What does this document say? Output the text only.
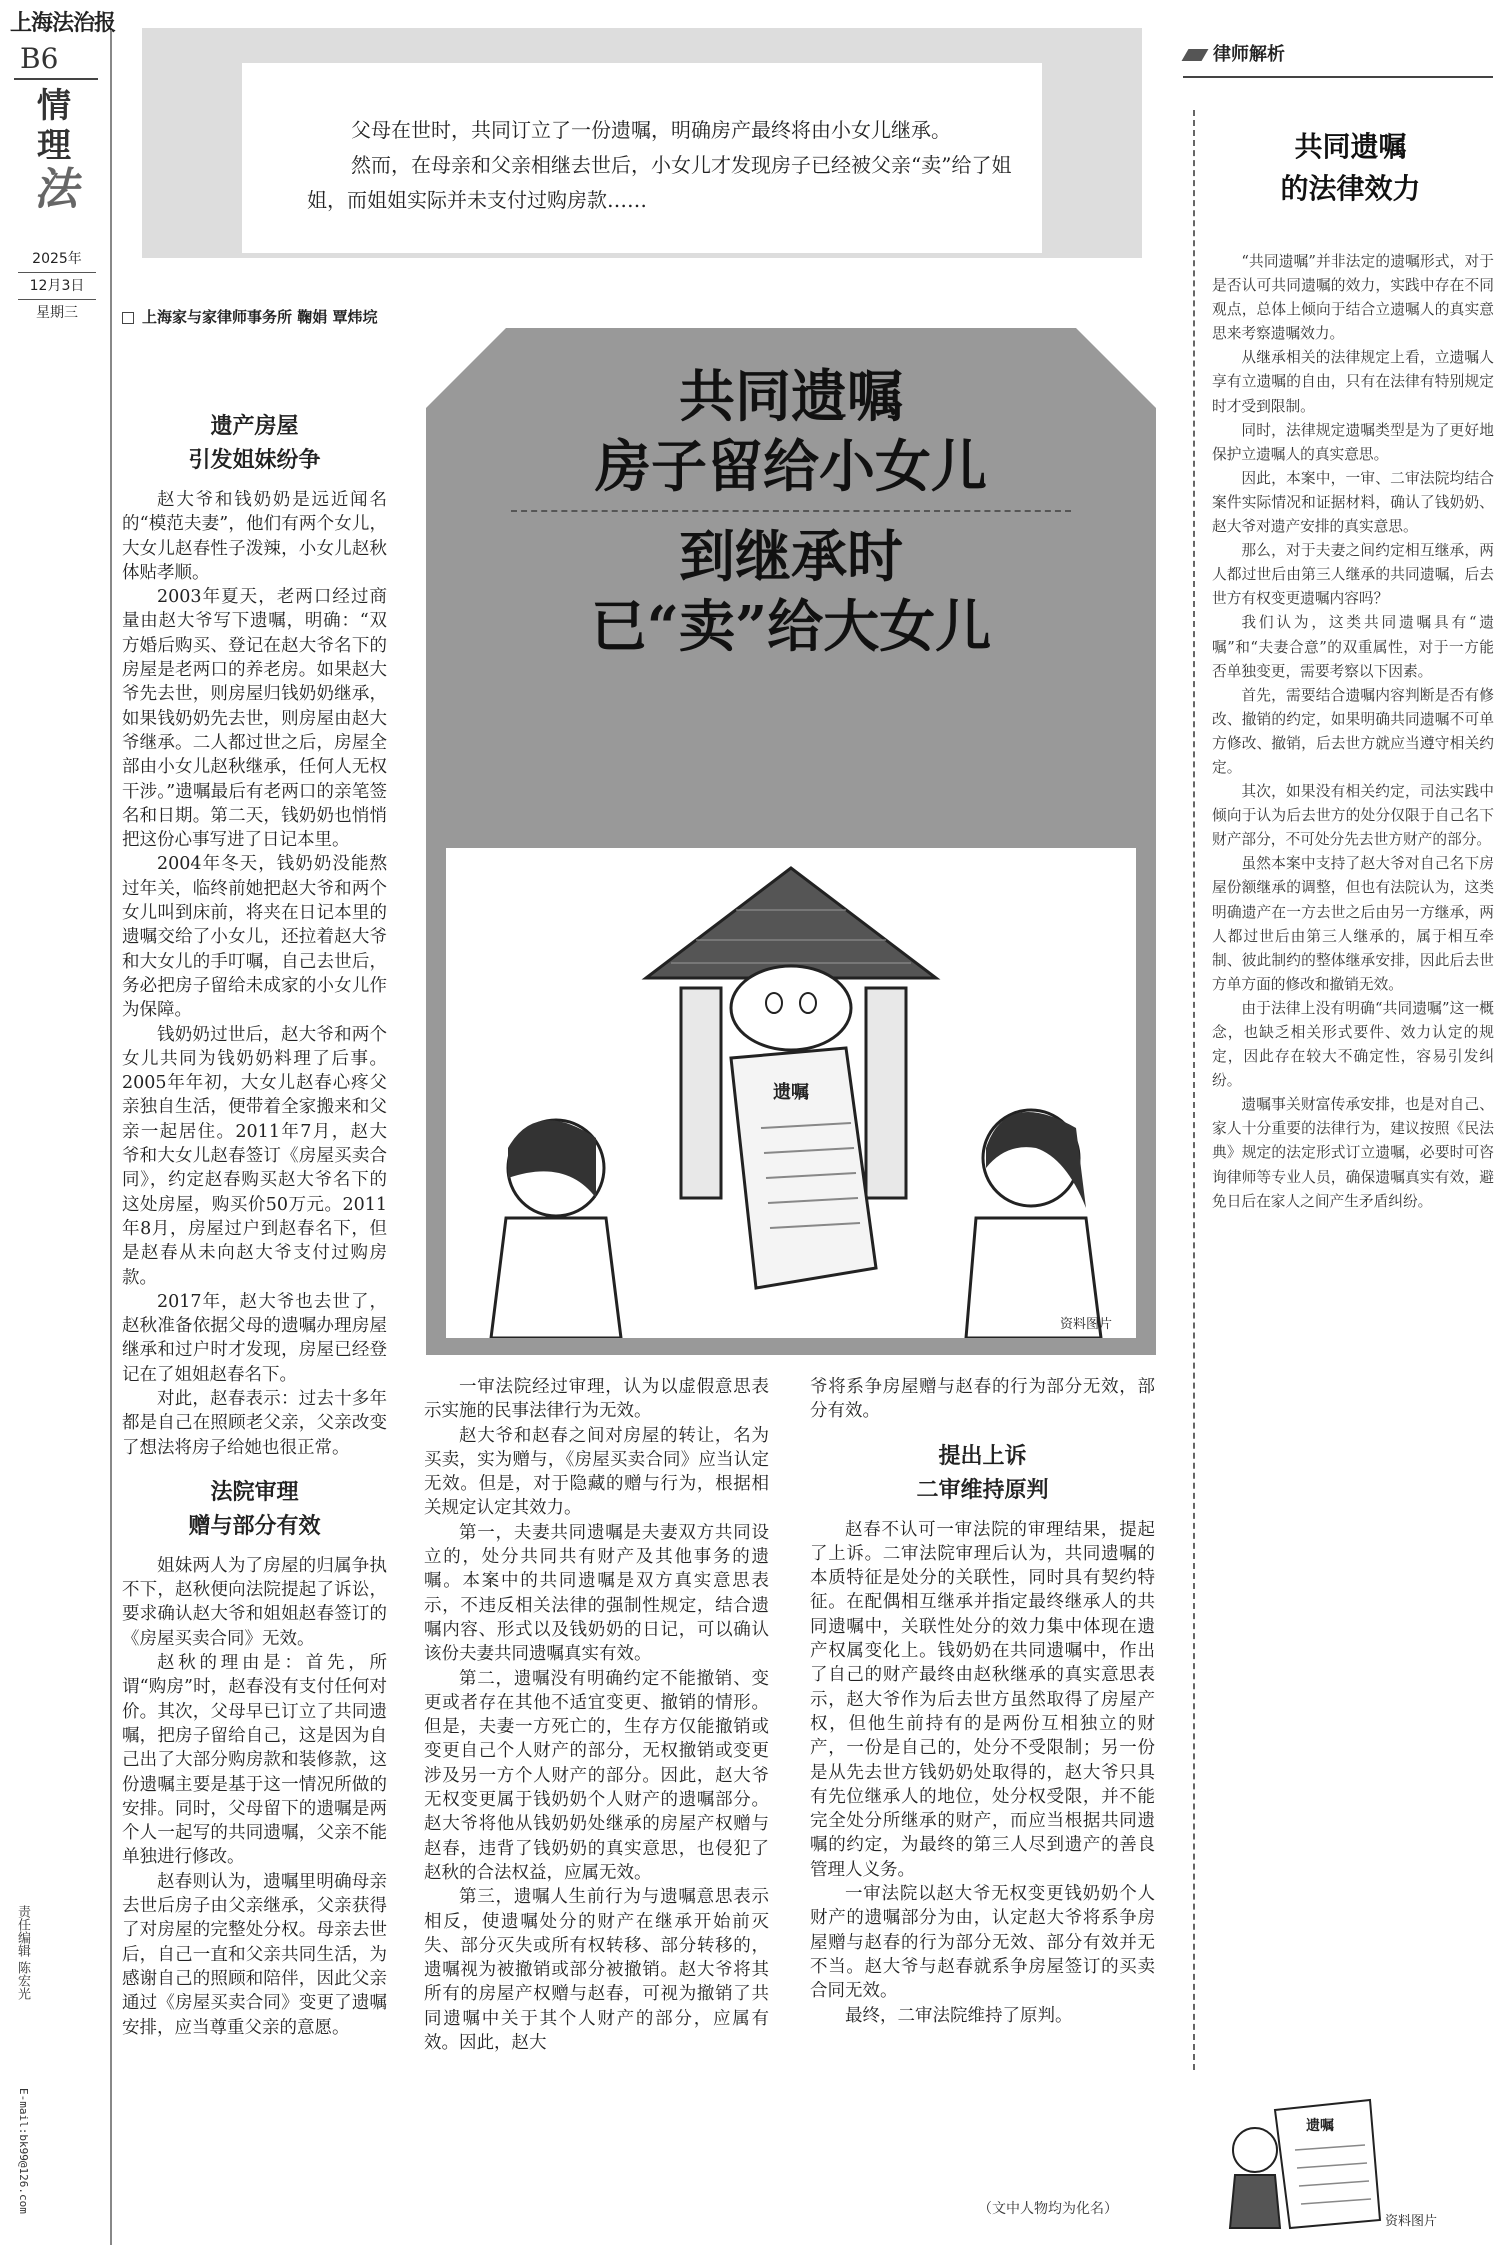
上海法治报
B6
情
理
法
2025年
12月3日
星期三
责任编辑 陈宏光
E-mail:bk99@126.com

父母在世时，共同订立了一份遗嘱，明确房产最终将由小女儿继承。

然而，在母亲和父亲相继去世后，小女儿才发现房子已经被父亲“卖”给了姐姐，而姐姐实际并未支付过购房款……

上海家与家律师事务所 鞠娟 覃炜垸
律师解析
共同遗嘱
房子留给小女儿
到继承时
已“卖”给大女儿
遗嘱
资料图片
遗产房屋
引发姐妹纷争

赵大爷和钱奶奶是远近闻名的“模范夫妻”，他们有两个女儿，大女儿赵春性子泼辣，小女儿赵秋体贴孝顺。

2003年夏天，老两口经过商量由赵大爷写下遗嘱，明确：“双方婚后购买、登记在赵大爷名下的房屋是老两口的养老房。如果赵大爷先去世，则房屋归钱奶奶继承，如果钱奶奶先去世，则房屋由赵大爷继承。二人都过世之后，房屋全部由小女儿赵秋继承，任何人无权干涉。”遗嘱最后有老两口的亲笔签名和日期。第二天，钱奶奶也悄悄把这份心事写进了日记本里。

2004年冬天，钱奶奶没能熬过年关，临终前她把赵大爷和两个女儿叫到床前，将夹在日记本里的遗嘱交给了小女儿，还拉着赵大爷和大女儿的手叮嘱，自己去世后，务必把房子留给未成家的小女儿作为保障。

钱奶奶过世后，赵大爷和两个女儿共同为钱奶奶料理了后事。2005年年初，大女儿赵春心疼父亲独自生活，便带着全家搬来和父亲一起居住。2011年7月，赵大爷和大女儿赵春签订《房屋买卖合同》，约定赵春购买赵大爷名下的这处房屋，购买价50万元。2011年8月，房屋过户到赵春名下，但是赵春从未向赵大爷支付过购房款。

2017年，赵大爷也去世了，赵秋准备依据父母的遗嘱办理房屋继承和过户时才发现，房屋已经登记在了姐姐赵春名下。

对此，赵春表示：过去十多年都是自己在照顾老父亲，父亲改变了想法将房子给她也很正常。

法院审理
赠与部分有效

姐妹两人为了房屋的归属争执不下，赵秋便向法院提起了诉讼，要求确认赵大爷和姐姐赵春签订的《房屋买卖合同》无效。

赵秋的理由是：首先，所谓“购房”时，赵春没有支付任何对价。其次，父母早已订立了共同遗嘱，把房子留给自己，这是因为自己出了大部分购房款和装修款，这份遗嘱主要是基于这一情况所做的安排。同时，父母留下的遗嘱是两个人一起写的共同遗嘱，父亲不能单独进行修改。

赵春则认为，遗嘱里明确母亲去世后房子由父亲继承，父亲获得了对房屋的完整处分权。母亲去世后，自己一直和父亲共同生活，为感谢自己的照顾和陪伴，因此父亲通过《房屋买卖合同》变更了遗嘱安排，应当尊重父亲的意愿。

一审法院经过审理，认为以虚假意思表示实施的民事法律行为无效。

赵大爷和赵春之间对房屋的转让，名为买卖，实为赠与，《房屋买卖合同》应当认定无效。但是，对于隐藏的赠与行为，根据相关规定认定其效力。

第一，夫妻共同遗嘱是夫妻双方共同设立的，处分共同共有财产及其他事务的遗嘱。本案中的共同遗嘱是双方真实意思表示，不违反相关法律的强制性规定，结合遗嘱内容、形式以及钱奶奶的日记，可以确认该份夫妻共同遗嘱真实有效。

第二，遗嘱没有明确约定不能撤销、变更或者存在其他不适宜变更、撤销的情形。但是，夫妻一方死亡的，生存方仅能撤销或变更自己个人财产的部分，无权撤销或变更涉及另一方个人财产的部分。因此，赵大爷无权变更属于钱奶奶个人财产的遗嘱部分。赵大爷将他从钱奶奶处继承的房屋产权赠与赵春，违背了钱奶奶的真实意思，也侵犯了赵秋的合法权益，应属无效。

第三，遗嘱人生前行为与遗嘱意思表示相反，使遗嘱处分的财产在继承开始前灭失、部分灭失或所有权转移、部分转移的，遗嘱视为被撤销或部分被撤销。赵大爷将其所有的房屋产权赠与赵春，可视为撤销了共同遗嘱中关于其个人财产的部分，应属有效。因此，赵大

爷将系争房屋赠与赵春的行为部分无效，部分有效。

提出上诉
二审维持原判

赵春不认可一审法院的审理结果，提起了上诉。二审法院审理后认为，共同遗嘱的本质特征是处分的关联性，同时具有契约特征。在配偶相互继承并指定最终继承人的共同遗嘱中，关联性处分的效力集中体现在遗产权属变化上。钱奶奶在共同遗嘱中，作出了自己的财产最终由赵秋继承的真实意思表示，赵大爷作为后去世方虽然取得了房屋产权，但他生前持有的是两份互相独立的财产，一份是自己的，处分不受限制；另一份是从先去世方钱奶奶处取得的，赵大爷只具有先位继承人的地位，处分权受限，并不能完全处分所继承的财产，而应当根据共同遗嘱的约定，为最终的第三人尽到遗产的善良管理人义务。

一审法院以赵大爷无权变更钱奶奶个人财产的遗嘱部分为由，认定赵大爷将系争房屋赠与赵春的行为部分无效、部分有效并无不当。赵大爷与赵春就系争房屋签订的买卖合同无效。

最终，二审法院维持了原判。

（文中人物均为化名）
共同遗嘱
的法律效力

“共同遗嘱”并非法定的遗嘱形式，对于是否认可共同遗嘱的效力，实践中存在不同观点，总体上倾向于结合立遗嘱人的真实意思来考察遗嘱效力。

从继承相关的法律规定上看，立遗嘱人享有立遗嘱的自由，只有在法律有特别规定时才受到限制。

同时，法律规定遗嘱类型是为了更好地保护立遗嘱人的真实意思。

因此，本案中，一审、二审法院均结合案件实际情况和证据材料，确认了钱奶奶、赵大爷对遗产安排的真实意思。

那么，对于夫妻之间约定相互继承，两人都过世后由第三人继承的共同遗嘱，后去世方有权变更遗嘱内容吗？

我们认为，这类共同遗嘱具有“遗嘱”和“夫妻合意”的双重属性，对于一方能否单独变更，需要考察以下因素。

首先，需要结合遗嘱内容判断是否有修改、撤销的约定，如果明确共同遗嘱不可单方修改、撤销，后去世方就应当遵守相关约定。

其次，如果没有相关约定，司法实践中倾向于认为后去世方的处分仅限于自己名下财产部分，不可处分先去世方财产的部分。

虽然本案中支持了赵大爷对自己名下房屋份额继承的调整，但也有法院认为，这类明确遗产在一方去世之后由另一方继承，两人都过世后由第三人继承的，属于相互牵制、彼此制约的整体继承安排，因此后去世方单方面的修改和撤销无效。

由于法律上没有明确“共同遗嘱”这一概念，也缺乏相关形式要件、效力认定的规定，因此存在较大不确定性，容易引发纠纷。

遗嘱事关财富传承安排，也是对自己、家人十分重要的法律行为，建议按照《民法典》规定的法定形式订立遗嘱，必要时可咨询律师等专业人员，确保遗嘱真实有效，避免日后在家人之间产生矛盾纠纷。

遗嘱
资料图片
